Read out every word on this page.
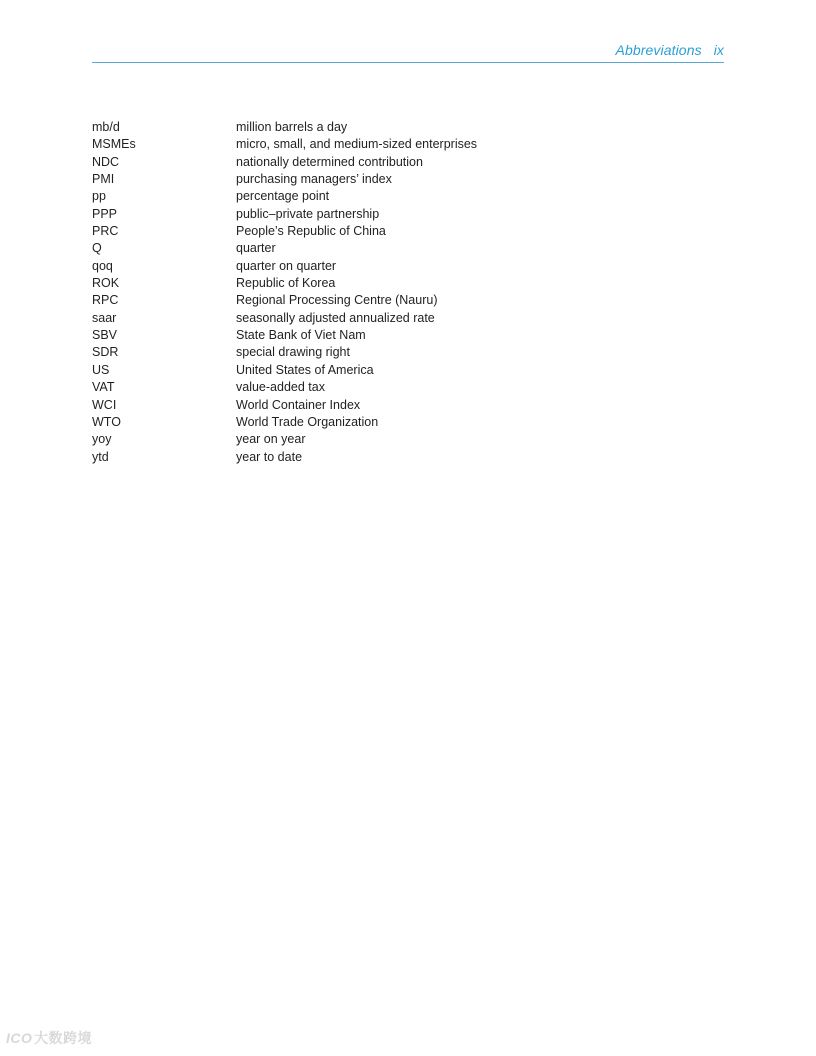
Abbreviations ix
mb/d	million barrels a day
MSMEs	micro, small, and medium-sized enterprises
NDC	nationally determined contribution
PMI	purchasing managers’ index
pp	percentage point
PPP	public–private partnership
PRC	People’s Republic of China
Q	quarter
qoq	quarter on quarter
ROK	Republic of Korea
RPC	Regional Processing Centre (Nauru)
saar	seasonally adjusted annualized rate
SBV	State Bank of Viet Nam
SDR	special drawing right
US	United States of America
VAT	value-added tax
WCI	World Container Index
WTO	World Trade Organization
yoy	year on year
ytd	year to date
ICO 大数跨境
